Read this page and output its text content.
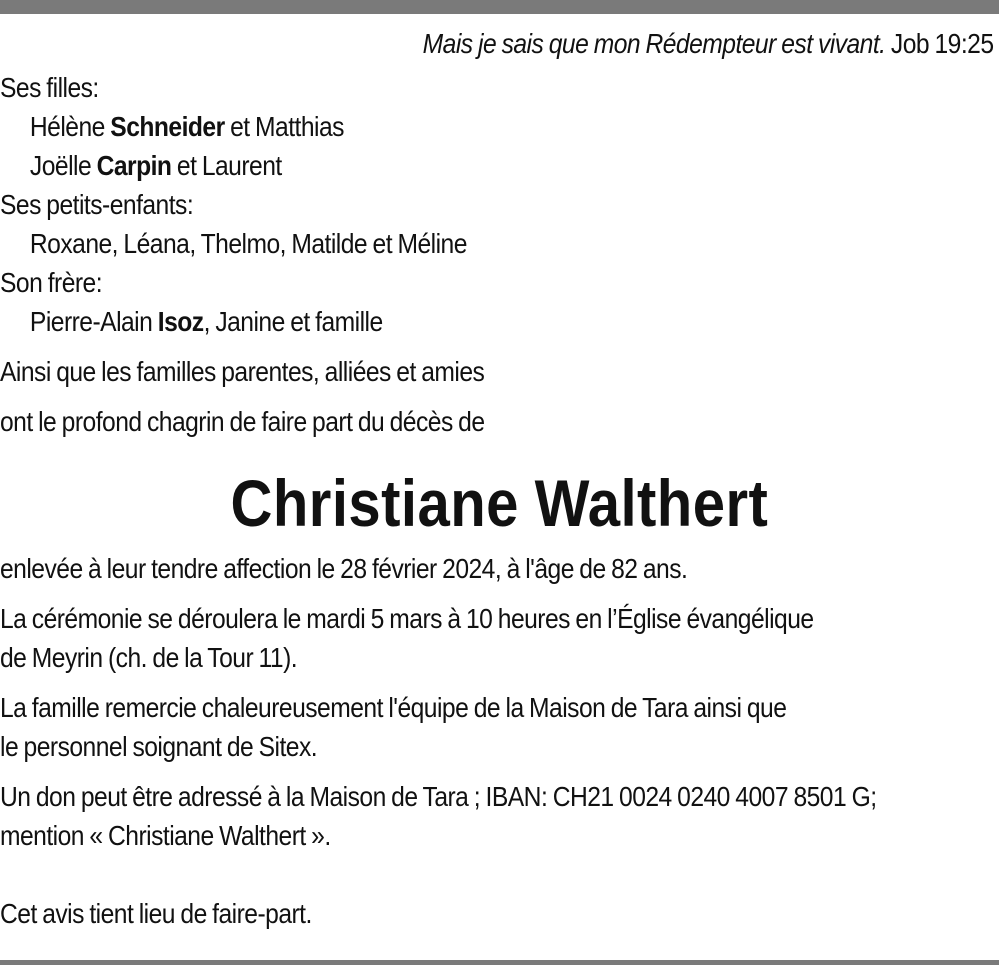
Mais je sais que mon Rédempteur est vivant. Job 19:25
Ses filles:
Hélène Schneider et Matthias
Joëlle Carpin et Laurent
Ses petits-enfants:
Roxane, Léana, Thelmo, Matilde et Méline
Son frère:
Pierre-Alain Isoz, Janine et famille
Ainsi que les familles parentes, alliées et amies
ont le profond chagrin de faire part du décès de
Christiane Walthert
enlevée à leur tendre affection le 28 février 2024, à l'âge de 82 ans.
La cérémonie se déroulera le mardi 5 mars à 10 heures en l’Église évangélique
de Meyrin (ch. de la Tour 11).
La famille remercie chaleureusement l'équipe de la Maison de Tara ainsi que
le personnel soignant de Sitex.
Un don peut être adressé à la Maison de Tara ; IBAN: CH21 0024 0240 4007 8501 G;
mention « Christiane Walthert ».
Cet avis tient lieu de faire-part.
